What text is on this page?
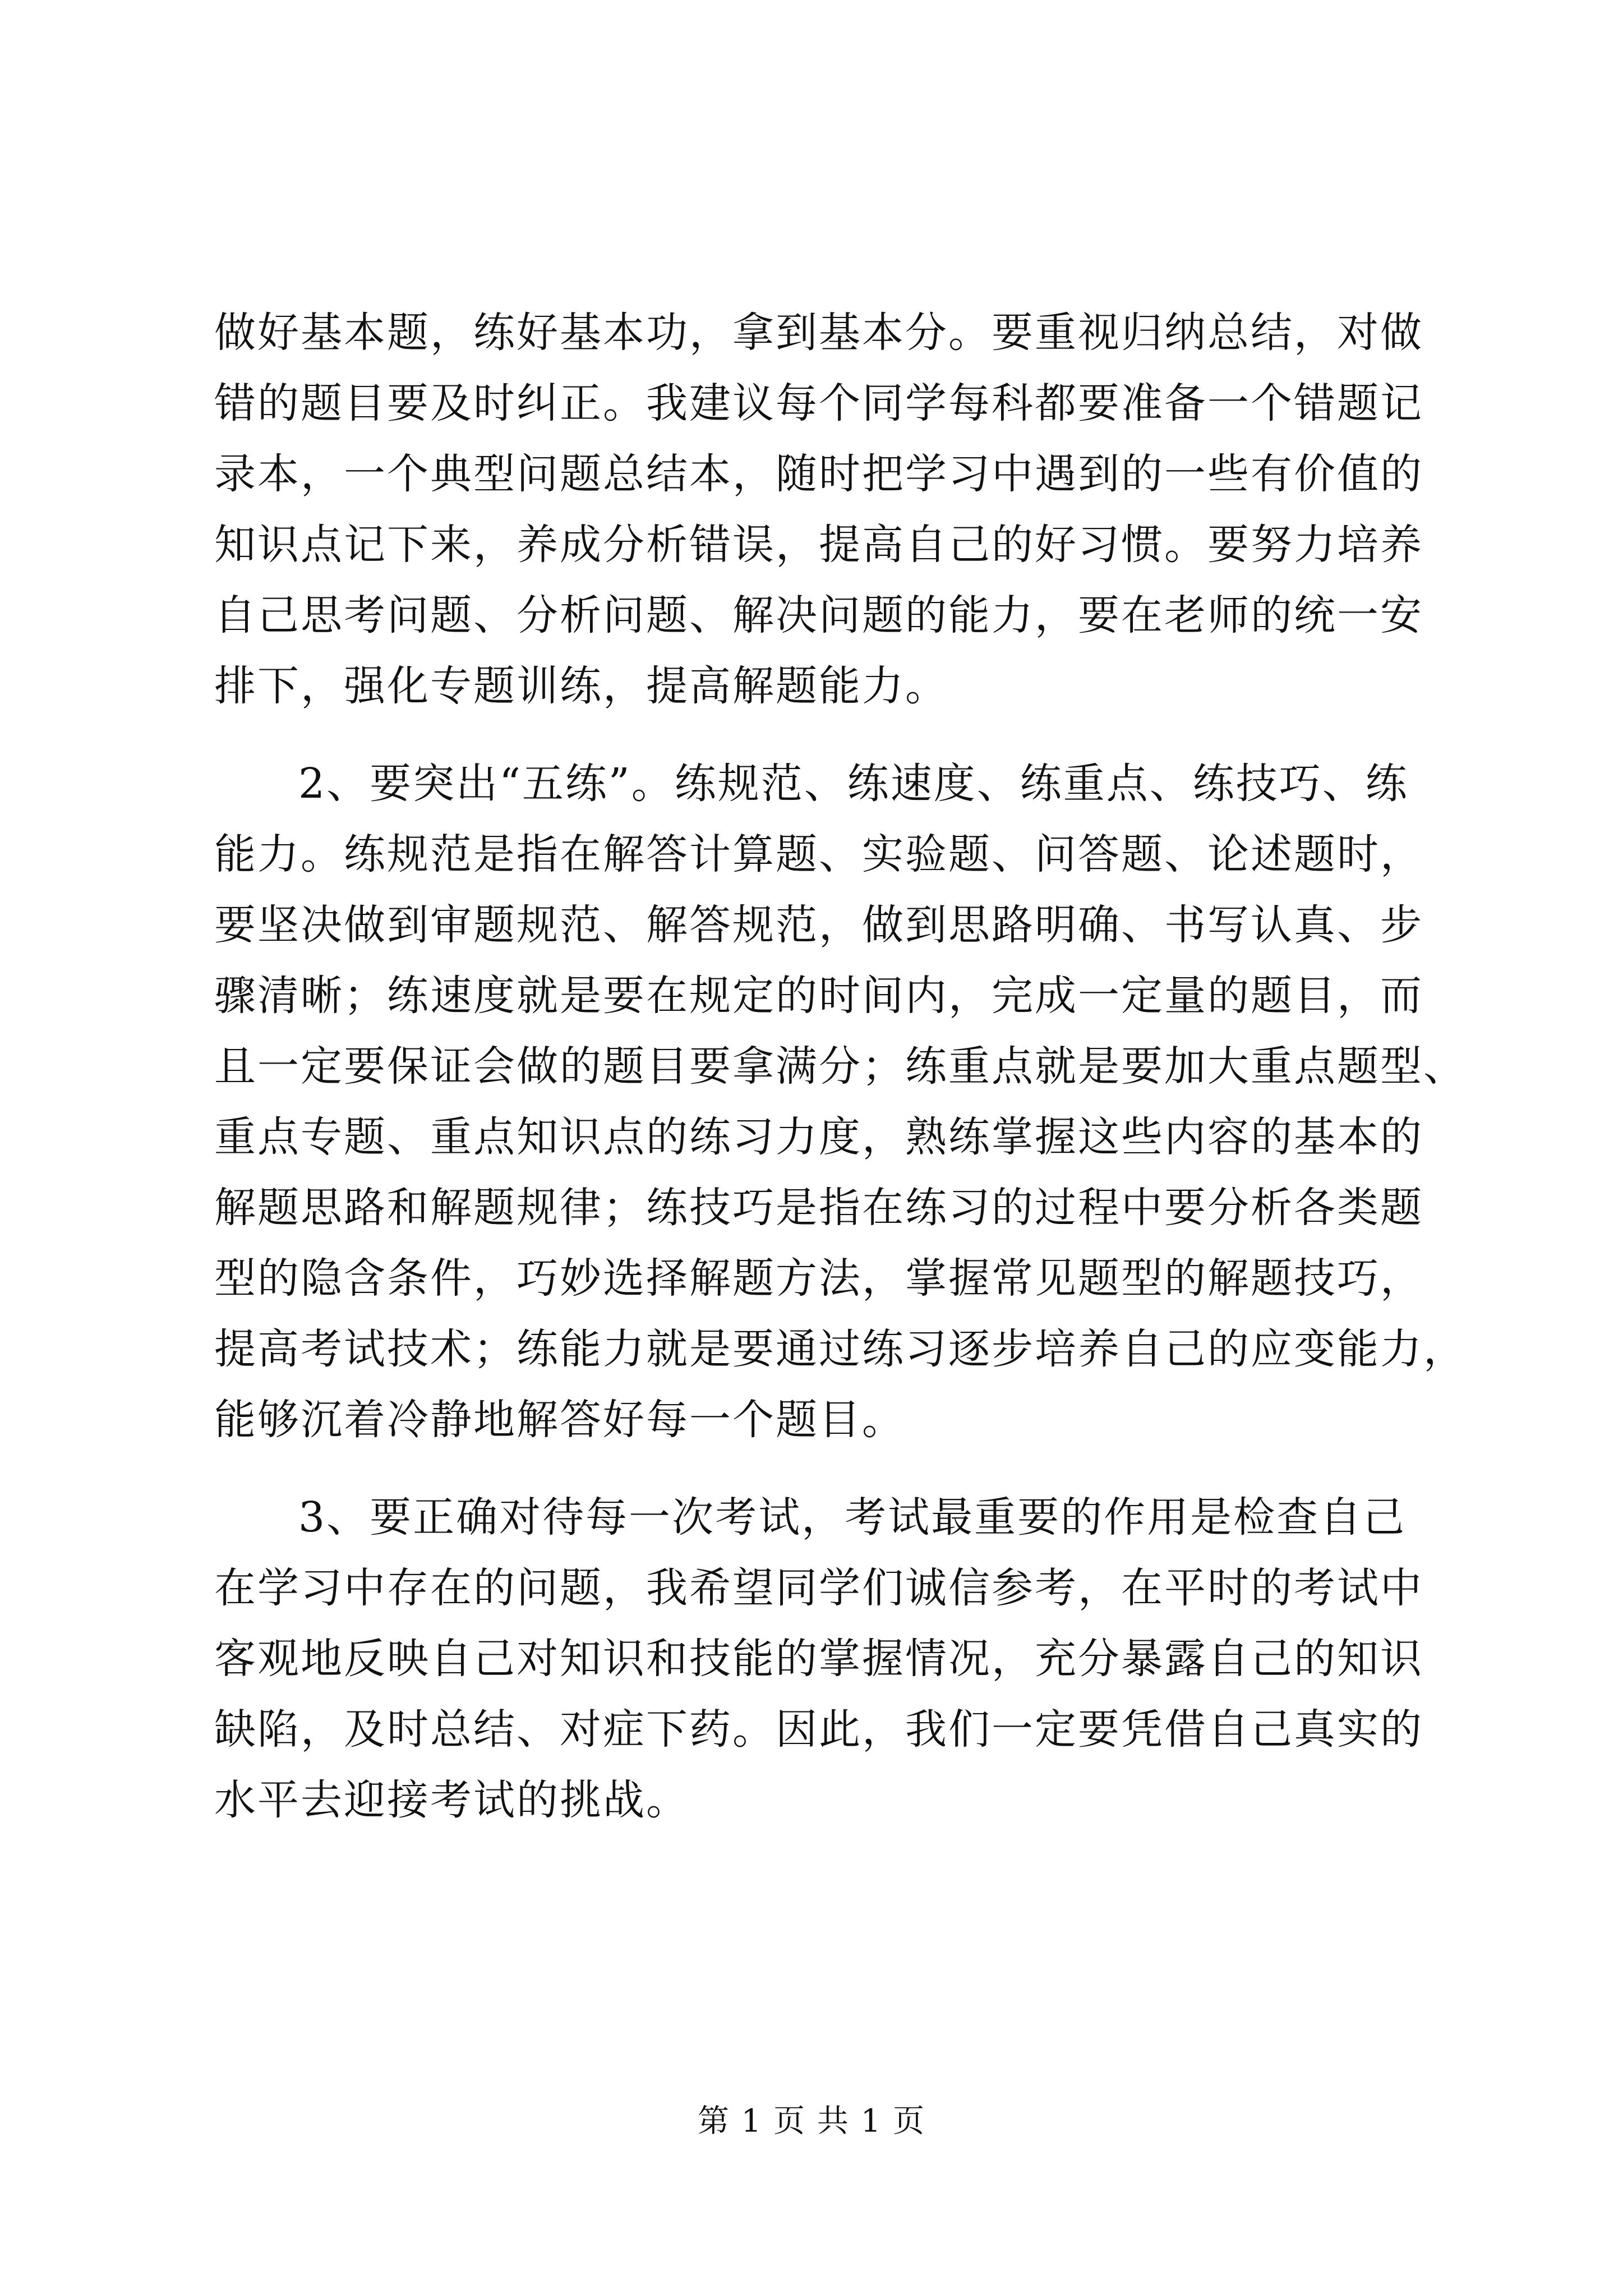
做好基本题，练好基本功，拿到基本分。要重视归纳总结，对做
错的题目要及时纠正。我建议每个同学每科都要准备一个错题记
录本，一个典型问题总结本，随时把学习中遇到的一些有价值的
知识点记下来，养成分析错误，提高自己的好习惯。要努力培养
自己思考问题、分析问题、解决问题的能力，要在老师的统一安
排下，强化专题训练，提高解题能力。
2、要突出“五练”。练规范、练速度、练重点、练技巧、练
能力。练规范是指在解答计算题、实验题、问答题、论述题时，
要坚决做到审题规范、解答规范，做到思路明确、书写认真、步
骤清晰；练速度就是要在规定的时间内，完成一定量的题目，而
且一定要保证会做的题目要拿满分；练重点就是要加大重点题型、
重点专题、重点知识点的练习力度，熟练掌握这些内容的基本的
解题思路和解题规律；练技巧是指在练习的过程中要分析各类题
型的隐含条件，巧妙选择解题方法，掌握常见题型的解题技巧，
提高考试技术；练能力就是要通过练习逐步培养自己的应变能力，
能够沉着冷静地解答好每一个题目。
3、要正确对待每一次考试，考试最重要的作用是检查自己
在学习中存在的问题，我希望同学们诚信参考，在平时的考试中
客观地反映自己对知识和技能的掌握情况，充分暴露自己的知识
缺陷，及时总结、对症下药。因此，我们一定要凭借自己真实的
水平去迎接考试的挑战。
第 1 页 共 1 页
